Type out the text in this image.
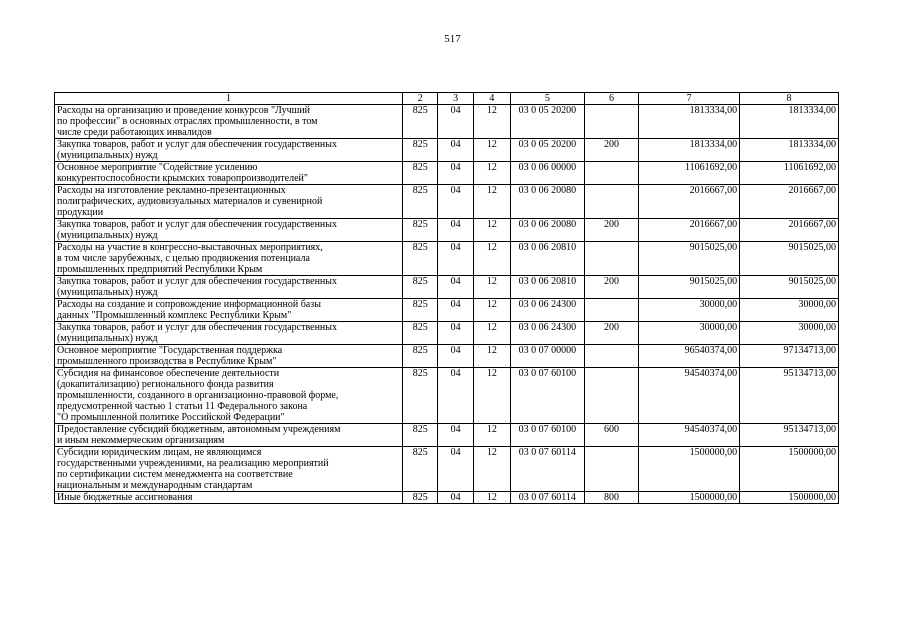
517
1	2	3	4	5	6	7	8

Расходы на организацию и проведение конкурсов "Лучший
по профессии" в основных отраслях промышленности, в том
числе среди работающих инвалидов	825	04	12	03 0 05 20200		1813334,00	1813334,00

Закупка товаров, работ и услуг для обеспечения государственных
(муниципальных) нужд	825	04	12	03 0 05 20200	200	1813334,00	1813334,00

Основное мероприятие "Содействие усилению
конкурентоспособности крымских товаропроизводителей"	825	04	12	03 0 06 00000		11061692,00	11061692,00

Расходы на изготовление рекламно-презентационных
полиграфических, аудиовизуальных материалов и сувенирной
продукции	825	04	12	03 0 06 20080		2016667,00	2016667,00

Закупка товаров, работ и услуг для обеспечения государственных
(муниципальных) нужд	825	04	12	03 0 06 20080	200	2016667,00	2016667,00

Расходы на участие в конгрессно-выставочных мероприятиях,
в том числе зарубежных, с целью продвижения потенциала
промышленных предприятий Республики Крым	825	04	12	03 0 06 20810		9015025,00	9015025,00

Закупка товаров, работ и услуг для обеспечения государственных
(муниципальных) нужд	825	04	12	03 0 06 20810	200	9015025,00	9015025,00

Расходы на создание и сопровождение информационной базы
данных "Промышленный комплекс Республики Крым"	825	04	12	03 0 06 24300		30000,00	30000,00

Закупка товаров, работ и услуг для обеспечения государственных
(муниципальных) нужд	825	04	12	03 0 06 24300	200	30000,00	30000,00

Основное мероприятие "Государственная поддержка
промышленного производства в Республике Крым"	825	04	12	03 0 07 00000		96540374,00	97134713,00

Субсидия на финансовое обеспечение деятельности
(докапитализацию) регионального фонда развития
промышленности, созданного в организационно-правовой форме,
предусмотренной частью 1 статьи 11 Федерального закона
"О промышленной политике Российской Федерации"	825	04	12	03 0 07 60100		94540374,00	95134713,00

Предоставление субсидий бюджетным, автономным учреждениям
и иным некоммерческим организациям	825	04	12	03 0 07 60100	600	94540374,00	95134713,00

Субсидии юридическим лицам, не являющимся
государственными учреждениями, на реализацию мероприятий
по сертификации систем менеджмента на соответствие
национальным и международным стандартам	825	04	12	03 0 07 60114		1500000,00	1500000,00

Иные бюджетные ассигнования	825	04	12	03 0 07 60114	800	1500000,00	1500000,00
